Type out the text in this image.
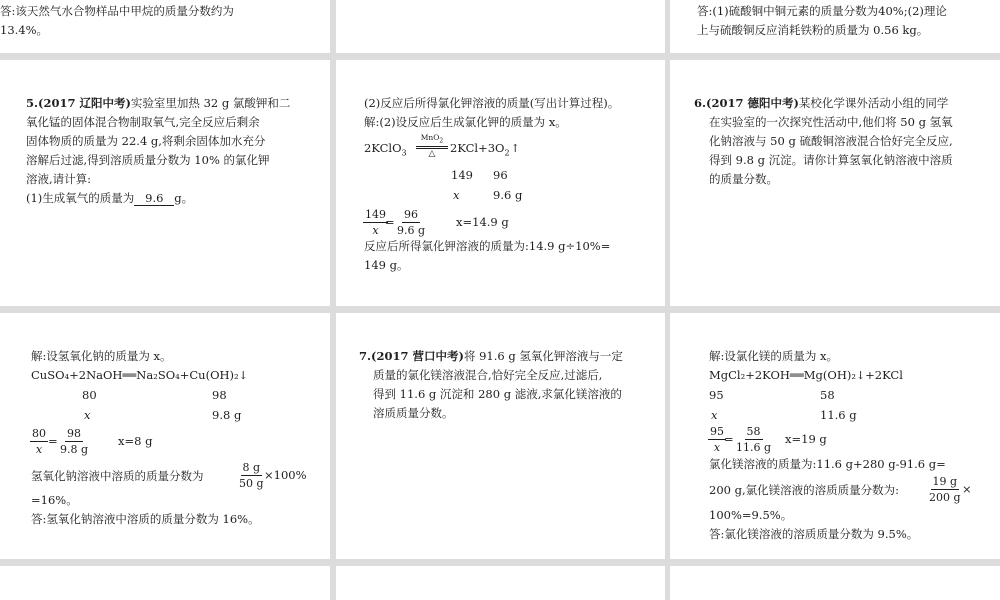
答:该天然气水合物样品中甲烷的质量分数约为
13.4%。
答:(1)硫酸铜中铜元素的质量分数为40%;(2)理论
上与硫酸铜反应消耗铁粉的质量为 0.56 kg。
5.(2017 辽阳中考)实验室里加热 32 g 氯酸钾和二
氧化锰的固体混合物制取氧气,完全反应后剩余
固体物质的质量为 22.4 g,将剩余固体加水充分
溶解后过滤,得到溶质质量分数为 10% 的氯化钾
溶液,请计算:
(1)生成氧气的质量为 9.6 g。
(2)反应后所得氯化钾溶液的质量(写出计算过程)。
解:(2)设反应后生成氯化钾的质量为 x。
2KClO$_3$
MnO$_2$
△ $2KCl+3O_2↑$
149 96
x	9.6 g
$\frac{149}{x}$
= $\frac{96}{9.6 g}$	x=14.9 g
反应后所得氯化钾溶液的质量为:14.9 g÷10%=
149 g。
6.(2017 德阳中考)某校化学课外活动小组的同学
在实验室的一次探究性活动中,他们将 50 g 氢氧
化钠溶液与 50 g 硫酸铜溶液混合恰好完全反应,
得到 9.8 g 沉淀。请你计算氢氧化钠溶液中溶质
的质量分数。
解:设氢氧化钠的质量为 x。
CuSO₄+2NaOH══Na₂SO₄+Cu(OH)₂↓
80	98
x	9.8 g
$\frac{80}{x} = \frac{98}{9.8 g} x=8$ g
氢氧化钠溶液中溶质的质量分数为	$\frac{8 g}{50 g}$
×100%
=16%。
答:氢氧化钠溶液中溶质的质量分数为 16%。
7.(2017 营口中考)将 91.6 g 氢氧化钾溶液与一定
质量的氯化镁溶液混合,恰好完全反应,过滤后,
得到 11.6 g 沉淀和 280 g 滤液,求氯化镁溶液的
溶质质量分数。
解:设氯化镁的质量为 x。
MgCl₂+2KOH══Mg(OH)₂↓+2KCl
95	58
x	11.6 g
$\frac{95}{x}$
= $\frac{58}{11.6 g} x=19$ g
氯化镁溶液的质量为:11.6 g+280 g-91.6 g=
200 g,氯化镁溶液的溶质质量分数为:	$\frac{19 g}{200 g}$ ×
100%=9.5%。
答:氯化镁溶液的溶质质量分数为 9.5%。
